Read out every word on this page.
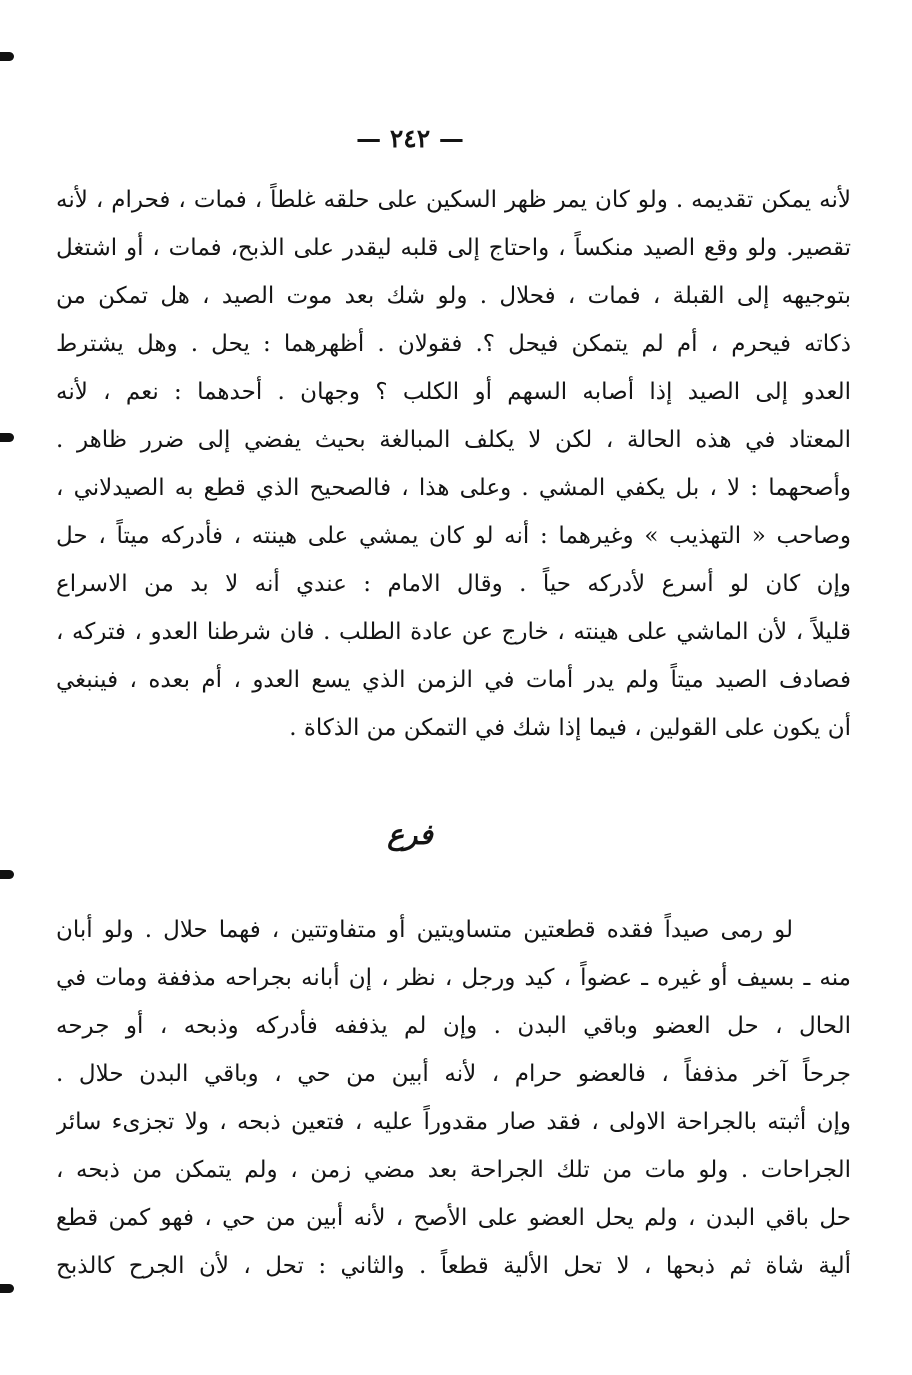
— ٢٤٢ —
لأنه يمكن تقديمه . ولو كان يمر ظهر السكين على حلقه غلطاً ، فمات ، فحرام ، لأنه
تقصير. ولو وقع الصيد منكساً ، واحتاج إلى قلبه ليقدر على الذبح، فمات ، أو اشتغل
بتوجيهه إلى القبلة ، فمات ، فحلال . ولو شك بعد موت الصيد ، هل تمكن من
ذكاته فيحرم ، أم لم يتمكن فيحل ؟. فقولان . أظهرهما : يحل . وهل يشترط
العدو إلى الصيد إذا أصابه السهم أو الكلب ؟ وجهان . أحدهما : نعم ، لأنه
المعتاد في هذه الحالة ، لكن لا يكلف المبالغة بحيث يفضي إلى ضرر ظاهر .
وأصحهما : لا ، بل يكفي المشي . وعلى هذا ، فالصحيح الذي قطع به الصيدلاني ،
وصاحب « التهذيب » وغيرهما : أنه لو كان يمشي على هينته ، فأدركه ميتاً ، حل
وإن كان لو أسرع لأدركه حياً . وقال الامام : عندي أنه لا بد من الاسراع
قليلاً ، لأن الماشي على هينته ، خارج عن عادة الطلب . فان شرطنا العدو ، فتركه ،
فصادف الصيد ميتاً ولم يدر أمات في الزمن الذي يسع العدو ، أم بعده ، فينبغي
أن يكون على القولين ، فيما إذا شك في التمكن من الذكاة .
فرع
لو رمى صيداً فقده قطعتين متساويتين أو متفاوتتين ، فهما حلال . ولو أبان
منه ـ بسيف أو غيره ـ عضواً ، كيد ورجل ، نظر ، إن أبانه بجراحه مذففة ومات في
الحال ، حل العضو وباقي البدن . وإن لم يذففه فأدركه وذبحه ، أو جرحه
جرحاً آخر مذففاً ، فالعضو حرام ، لأنه أبين من حي ، وباقي البدن حلال .
وإن أثبته بالجراحة الاولى ، فقد صار مقدوراً عليه ، فتعين ذبحه ، ولا تجزىء سائر
الجراحات . ولو مات من تلك الجراحة بعد مضي زمن ، ولم يتمكن من ذبحه ،
حل باقي البدن ، ولم يحل العضو على الأصح ، لأنه أبين من حي ، فهو كمن قطع
ألية شاة ثم ذبحها ، لا تحل الألية قطعاً . والثاني : تحل ، لأن الجرح كالذبح
